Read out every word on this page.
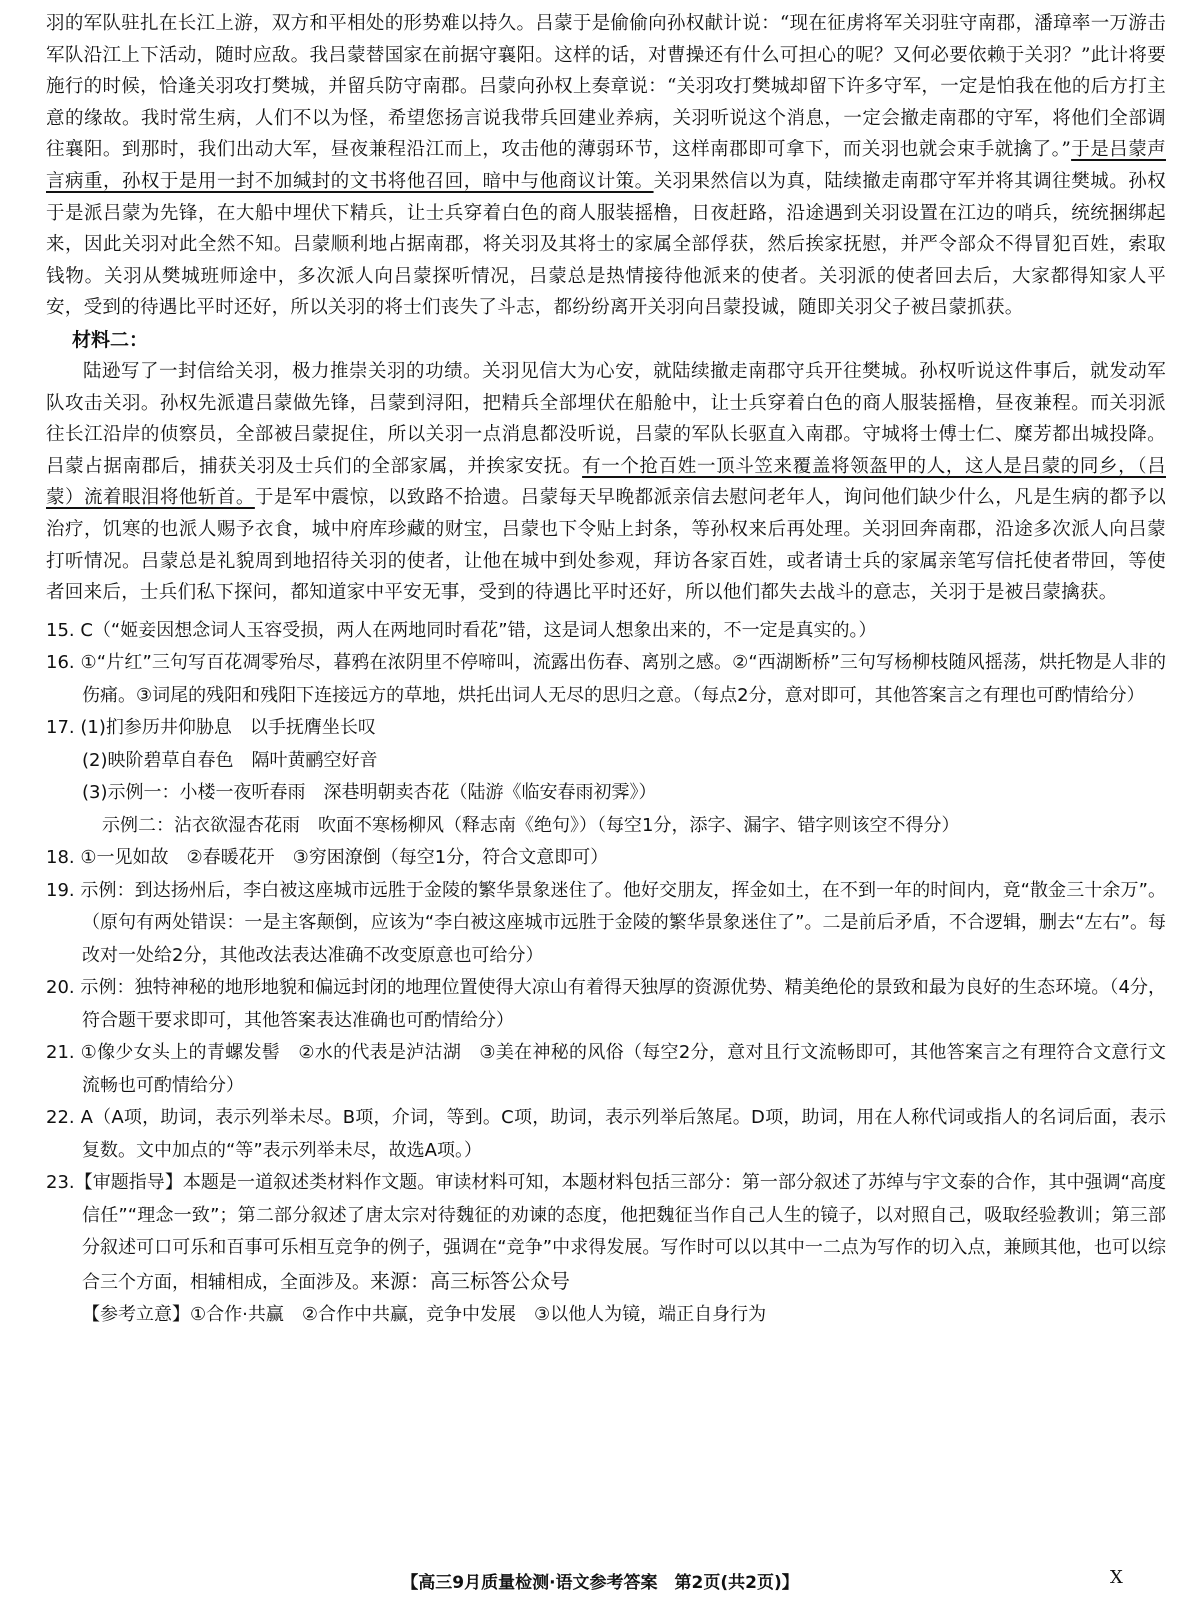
羽的军队驻扎在长江上游，双方和平相处的形势难以持久。吕蒙于是偷偷向孙权献计说：“现在征虏将军关羽驻守南郡，潘璋率一万游击军队沿江上下活动，随时应敌。我吕蒙替国家在前据守襄阳。这样的话，对曹操还有什么可担心的呢？又何必要依赖于关羽？”此计将要施行的时候，恰逢关羽攻打樊城，并留兵防守南郡。吕蒙向孙权上奏章说：“关羽攻打樊城却留下许多守军，一定是怕我在他的后方打主意的缘故。我时常生病，人们不以为怪，希望您扬言说我带兵回建业养病，关羽听说这个消息，一定会撤走南郡的守军，将他们全部调往襄阳。到那时，我们出动大军，昼夜兼程沿江而上，攻击他的薄弱环节，这样南郡即可拿下，而关羽也就会束手就擒了。”于是吕蒙声言病重，孙权于是用一封不加缄封的文书将他召回，暗中与他商议计策。关羽果然信以为真，陆续撤走南郡守军并将其调往樊城。孙权于是派吕蒙为先锋，在大船中埋伏下精兵，让士兵穿着白色的商人服装摇橹，日夜赶路，沿途遇到关羽设置在江边的哨兵，统统捆绑起来，因此关羽对此全然不知。吕蒙顺利地占据南郡，将关羽及其将士的家属全部俘获，然后挨家抚慰，并严令部众不得冒犯百姓，索取钱物。关羽从樊城班师途中，多次派人向吕蒙探听情况，吕蒙总是热情接待他派来的使者。关羽派的使者回去后，大家都得知家人平安，受到的待遇比平时还好，所以关羽的将士们丧失了斗志，都纷纷离开关羽向吕蒙投诚，随即关羽父子被吕蒙抓获。

材料二：

陆逊写了一封信给关羽，极力推崇关羽的功绩。关羽见信大为心安，就陆续撤走南郡守兵开往樊城。孙权听说这件事后，就发动军队攻击关羽。孙权先派遣吕蒙做先锋，吕蒙到浔阳，把精兵全部埋伏在船舱中，让士兵穿着白色的商人服装摇橹，昼夜兼程。而关羽派往长江沿岸的侦察员，全部被吕蒙捉住，所以关羽一点消息都没听说，吕蒙的军队长驱直入南郡。守城将士傅士仁、糜芳都出城投降。吕蒙占据南郡后，捕获关羽及士兵们的全部家属，并挨家安抚。有一个抢百姓一顶斗笠来覆盖将领盔甲的人，这人是吕蒙的同乡，（吕蒙）流着眼泪将他斩首。于是军中震惊，以致路不拾遗。吕蒙每天早晚都派亲信去慰问老年人，询问他们缺少什么，凡是生病的都予以治疗，饥寒的也派人赐予衣食，城中府库珍藏的财宝，吕蒙也下令贴上封条，等孙权来后再处理。关羽回奔南郡，沿途多次派人向吕蒙打听情况。吕蒙总是礼貌周到地招待关羽的使者，让他在城中到处参观，拜访各家百姓，或者请士兵的家属亲笔写信托使者带回，等使者回来后，士兵们私下探问，都知道家中平安无事，受到的待遇比平时还好，所以他们都失去战斗的意志，关羽于是被吕蒙擒获。

15. C（“姬妾因想念词人玉容受损，两人在两地同时看花”错，这是词人想象出来的，不一定是真实的。）

16. ①“片红”三句写百花凋零殆尽，暮鸦在浓阴里不停啼叫，流露出伤春、离别之感。②“西湖断桥”三句写杨柳枝随风摇荡，烘托物是人非的伤痛。③词尾的残阳和残阳下连接远方的草地，烘托出词人无尽的思归之意。（每点2分，意对即可，其他答案言之有理也可酌情给分）

17. (1)扪参历井仰胁息　以手抚膺坐长叹

(2)映阶碧草自春色　隔叶黄鹂空好音

(3)示例一：小楼一夜听春雨　深巷明朝卖杏花（陆游《临安春雨初霁》）

示例二：沾衣欲湿杏花雨　吹面不寒杨柳风（释志南《绝句》）（每空1分，添字、漏字、错字则该空不得分）

18. ①一见如故　②春暖花开　③穷困潦倒（每空1分，符合文意即可）

19. 示例：到达扬州后，李白被这座城市远胜于金陵的繁华景象迷住了。他好交朋友，挥金如土，在不到一年的时间内，竟“散金三十余万”。（原句有两处错误：一是主客颠倒，应该为“李白被这座城市远胜于金陵的繁华景象迷住了”。二是前后矛盾，不合逻辑，删去“左右”。每改对一处给2分，其他改法表达准确不改变原意也可给分）

20. 示例：独特神秘的地形地貌和偏远封闭的地理位置使得大凉山有着得天独厚的资源优势、精美绝伦的景致和最为良好的生态环境。（4分，符合题干要求即可，其他答案表达准确也可酌情给分）

21. ①像少女头上的青螺发髻　②水的代表是泸沽湖　③美在神秘的风俗（每空2分，意对且行文流畅即可，其他答案言之有理符合文意行文流畅也可酌情给分）

22. A（A项，助词，表示列举未尽。B项，介词，等到。C项，助词，表示列举后煞尾。D项，助词，用在人称代词或指人的名词后面，表示复数。文中加点的“等”表示列举未尽，故选A项。）

23.【审题指导】本题是一道叙述类材料作文题。审读材料可知，本题材料包括三部分：第一部分叙述了苏绰与宇文泰的合作，其中强调“高度信任”“理念一致”；第二部分叙述了唐太宗对待魏征的劝谏的态度，他把魏征当作自己人生的镜子，以对照自己，吸取经验教训；第三部分叙述可口可乐和百事可乐相互竞争的例子，强调在“竞争”中求得发展。写作时可以以其中一二点为写作的切入点，兼顾其他，也可以综合三个方面，相辅相成，全面涉及。来源：高三标答公众号

【参考立意】①合作·共赢　②合作中共赢，竞争中发展　③以他人为镜，端正自身行为

【高三9月质量检测·语文参考答案　第2页(共2页)】	X
